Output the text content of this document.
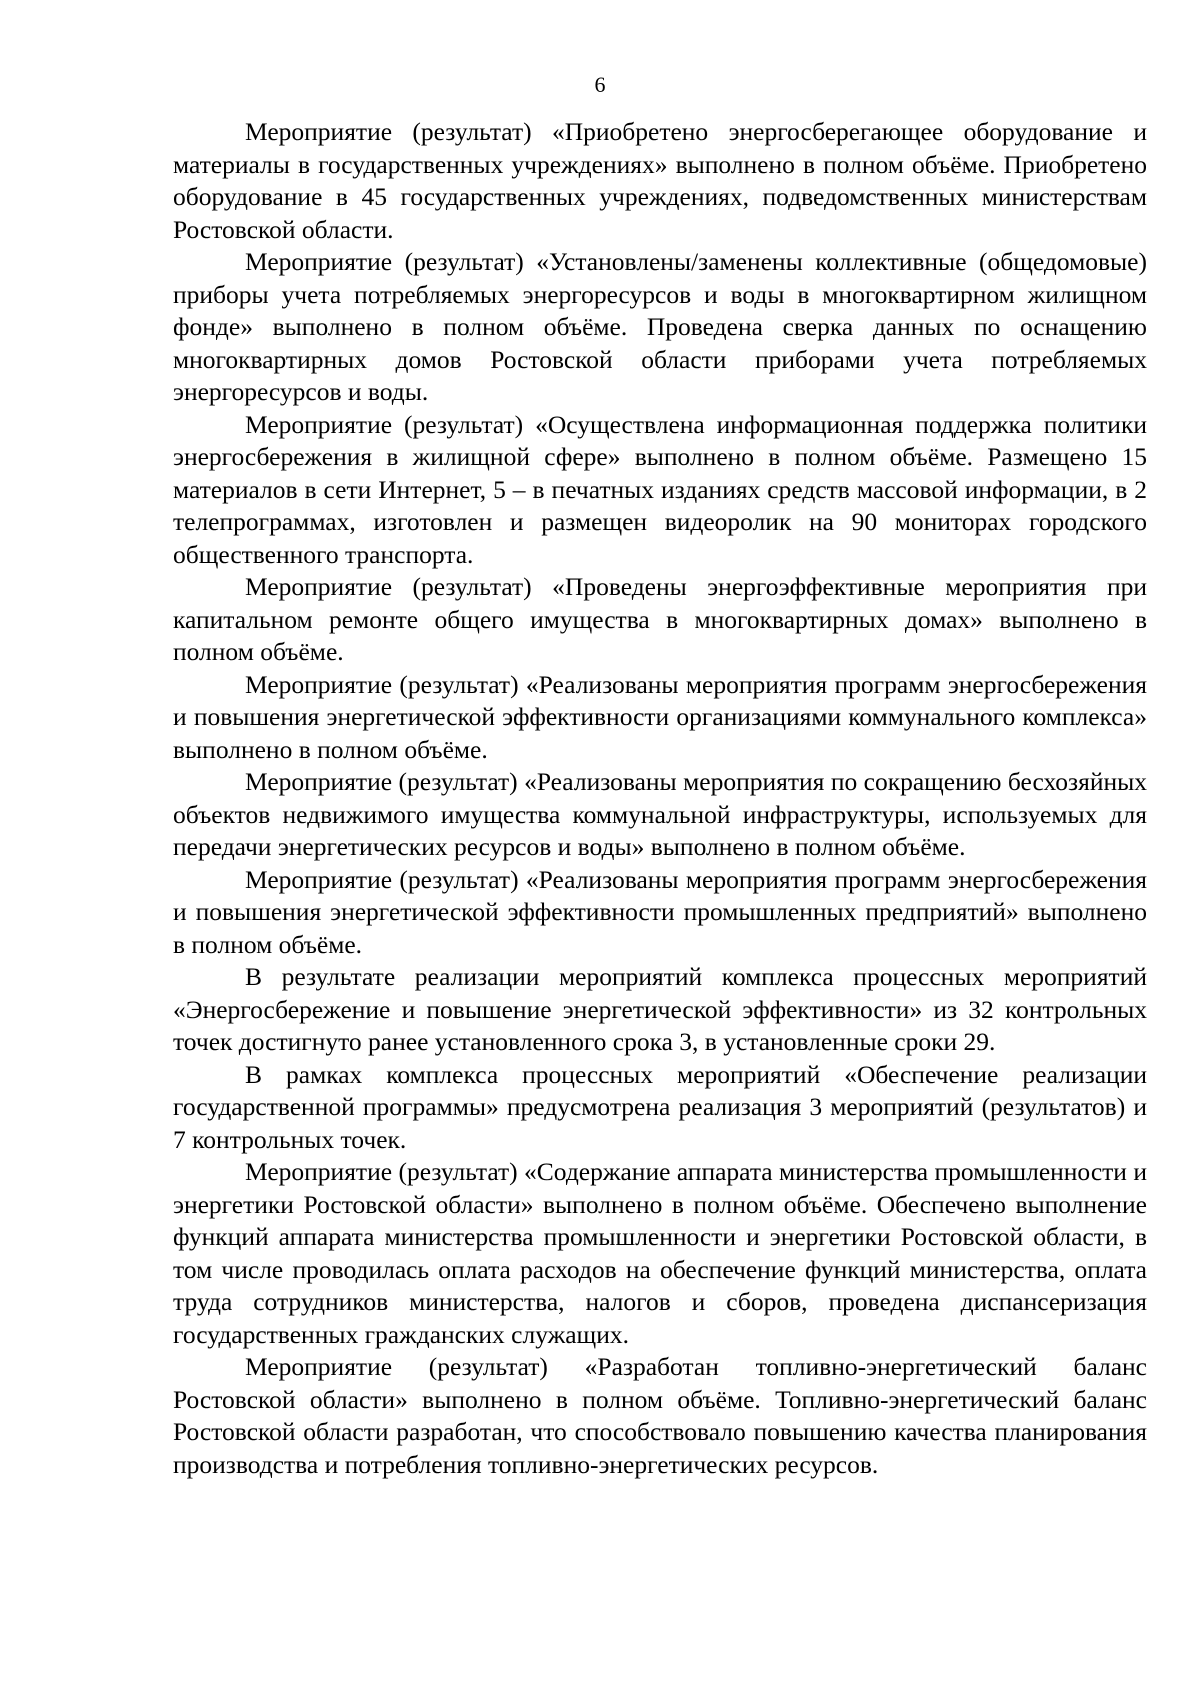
6

Мероприятие (результат) «Приобретено энергосберегающее оборудование и материалы в государственных учреждениях» выполнено в полном объёме. Приобретено оборудование в 45 государственных учреждениях, подведомственных министерствам Ростовской области.

Мероприятие (результат) «Установлены/заменены коллективные (общедомовые) приборы учета потребляемых энергоресурсов и воды в многоквартирном жилищном фонде» выполнено в полном объёме. Проведена сверка данных по оснащению многоквартирных домов Ростовской области приборами учета потребляемых энергоресурсов и воды.

Мероприятие (результат) «Осуществлена информационная поддержка политики энергосбережения в жилищной сфере» выполнено в полном объёме. Размещено 15 материалов в сети Интернет, 5 – в печатных изданиях средств массовой информации, в 2 телепрограммах, изготовлен и размещен видеоролик на 90 мониторах городского общественного транспорта.

Мероприятие (результат) «Проведены энергоэффективные мероприятия при капитальном ремонте общего имущества в многоквартирных домах» выполнено в полном объёме.

Мероприятие (результат) «Реализованы мероприятия программ энергосбережения и повышения энергетической эффективности организациями коммунального комплекса» выполнено в полном объёме.

Мероприятие (результат) «Реализованы мероприятия по сокращению бесхозяйных объектов недвижимого имущества коммунальной инфраструктуры, используемых для передачи энергетических ресурсов и воды» выполнено в полном объёме.

Мероприятие (результат) «Реализованы мероприятия программ энергосбережения и повышения энергетической эффективности промышленных предприятий» выполнено в полном объёме.

В результате реализации мероприятий комплекса процессных мероприятий «Энергосбережение и повышение энергетической эффективности» из 32 контрольных точек достигнуто ранее установленного срока 3, в установленные сроки 29.

В рамках комплекса процессных мероприятий «Обеспечение реализации государственной программы» предусмотрена реализация 3 мероприятий (результатов) и 7 контрольных точек.

Мероприятие (результат) «Содержание аппарата министерства промышленности и энергетики Ростовской области» выполнено в полном объёме. Обеспечено выполнение функций аппарата министерства промышленности и энергетики Ростовской области, в том числе проводилась оплата расходов на обеспечение функций министерства, оплата труда сотрудников министерства, налогов и сборов, проведена диспансеризация государственных гражданских служащих.

Мероприятие (результат) «Разработан топливно-энергетический баланс Ростовской области» выполнено в полном объёме. Топливно-энергетический баланс Ростовской области разработан, что способствовало повышению качества планирования производства и потребления топливно-энергетических ресурсов.
